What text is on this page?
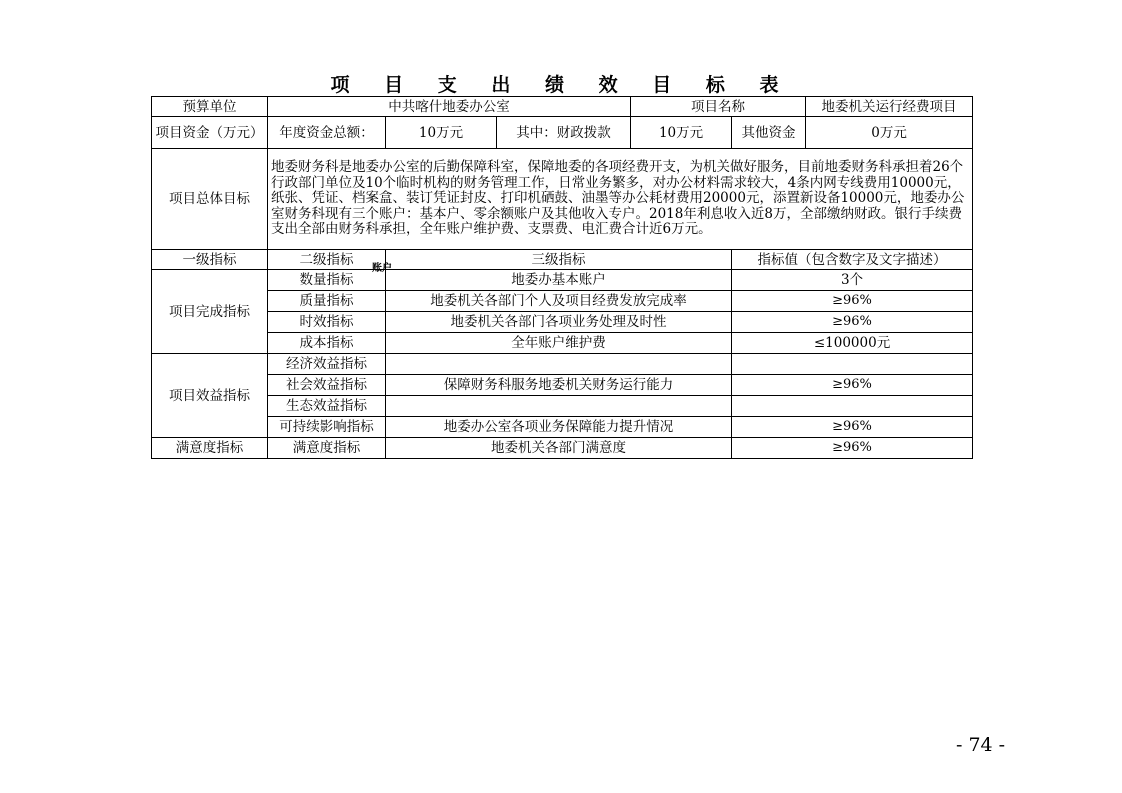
项 目 支 出 绩 效 目 标 表
预算单位	中共喀什地委办公室			项目名称		地委机关运行经费项目
项目资金（万元）	年度资金总额：	10万元	其中：财政拨款	10万元	其他资金	0万元
项目总体目标	地委财务科是地委办公室的后勤保障科室，保障地委的各项经费开支，为机关做好服务，目前地委财务科承担着26个行政部门单位及10个临时机构的财务管理工作，日常业务繁多，对办公材料需求较大，4条内网专线费用10000元，纸张、凭证、档案盒、装订凭证封皮、打印机硒鼓、油墨等办公耗材费用20000元，添置新设备10000元，地委办公室财务科现有三个账户：基本户、零余额账户及其他收入专户。2018年利息收入近8万，全部缴纳财政。银行手续费支出全部由财务科承担，全年账户维护费、支票费、电汇费合计近6万元。					
一级指标	二级指标	三级指标			指标值（包含数字及文字描述）	
项目完成指标	数量指标	地委办基本账户			3个	
	质量指标	地委机关各部门个人及项目经费发放完成率			≥96%	
	时效指标	地委机关各部门各项业务处理及时性			≥96%	
	成本指标	全年账户维护费			≤100000元	
项目效益指标	经济效益指标					
	社会效益指标	保障财务科服务地委机关财务运行能力			≥96%	
	生态效益指标					
	可持续影响指标	地委办公室各项业务保障能力提升情况			≥96%	
满意度指标	满意度指标	地委机关各部门满意度			≥96%	
账户
- 74 -
